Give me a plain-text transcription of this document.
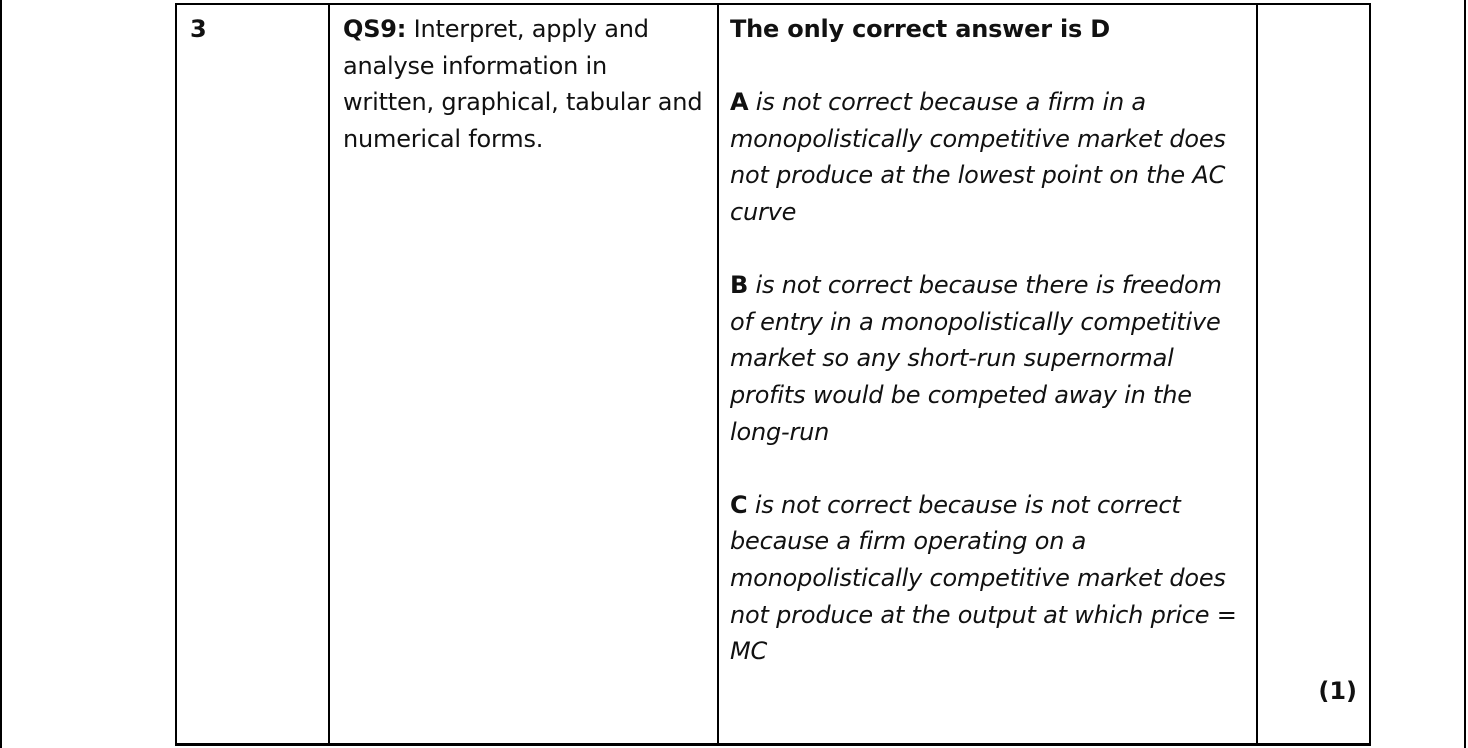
3	QS9: Interpret, apply and analyse information in written, graphical, tabular and numerical forms.

The only correct answer is D

A is not correct because a firm in a monopolistically competitive market does not produce at the lowest point on the AC curve

B is not correct because there is freedom of entry in a monopolistically competitive market so any short-run supernormal profits would be competed away in the long-run

C is not correct because is not correct because a firm operating on a monopolistically competitive market does not produce at the output at which price = MC

(1)
